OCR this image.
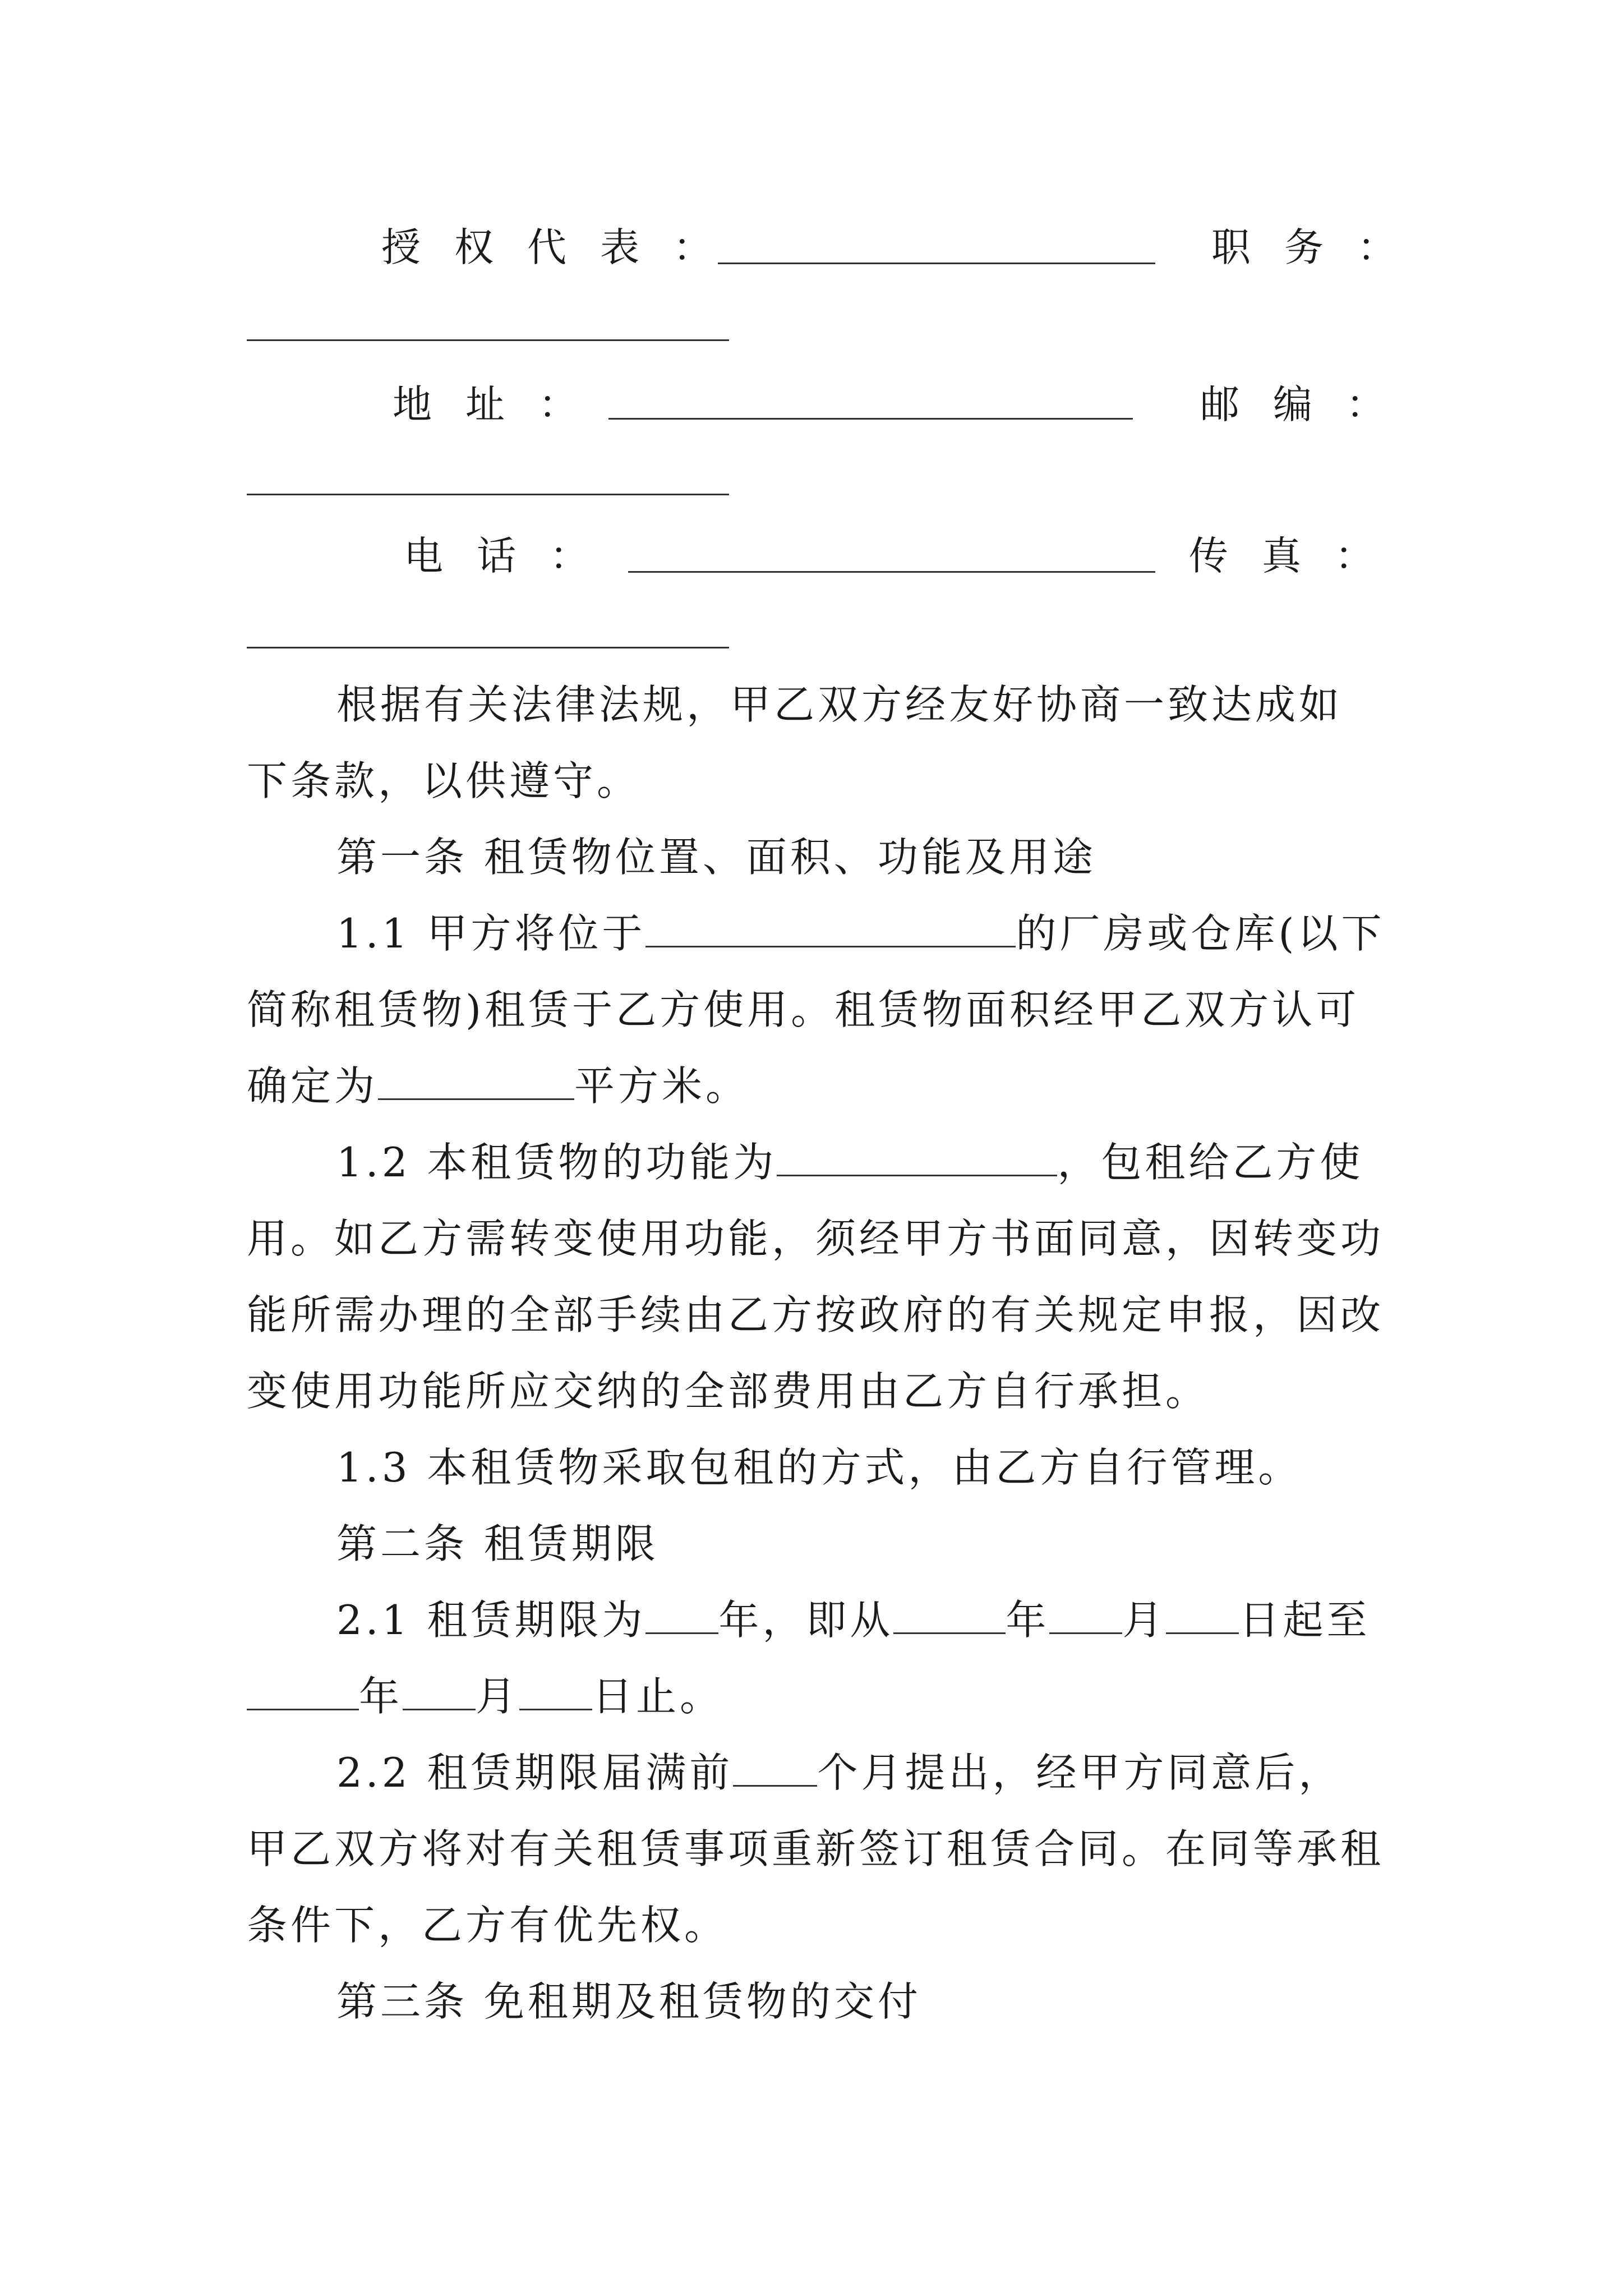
授权代表：	职务：
地址：	邮编：
电话：	传真：

根据有关法律法规，甲乙双方经友好协商一致达成如下条款，以供遵守。

第一条 租赁物位置、面积、功能及用途

1.1 甲方将位于	的厂房或仓库(以下简称租赁物)租赁于乙方使用。租赁物面积经甲乙双方认可确定为	平方米。

1.2 本租赁物的功能为	，包租给乙方使用。如乙方需转变使用功能，须经甲方书面同意，因转变功能所需办理的全部手续由乙方按政府的有关规定申报，因改变使用功能所应交纳的全部费用由乙方自行承担。

1.3 本租赁物采取包租的方式，由乙方自行管理。

第二条 租赁期限

2.1 租赁期限为 年，即从	年 月 日起至年 月 日止。

2.2 租赁期限届满前 个月提出，经甲方同意后，甲乙双方将对有关租赁事项重新签订租赁合同。在同等承租条件下，乙方有优先权。

第三条 免租期及租赁物的交付
